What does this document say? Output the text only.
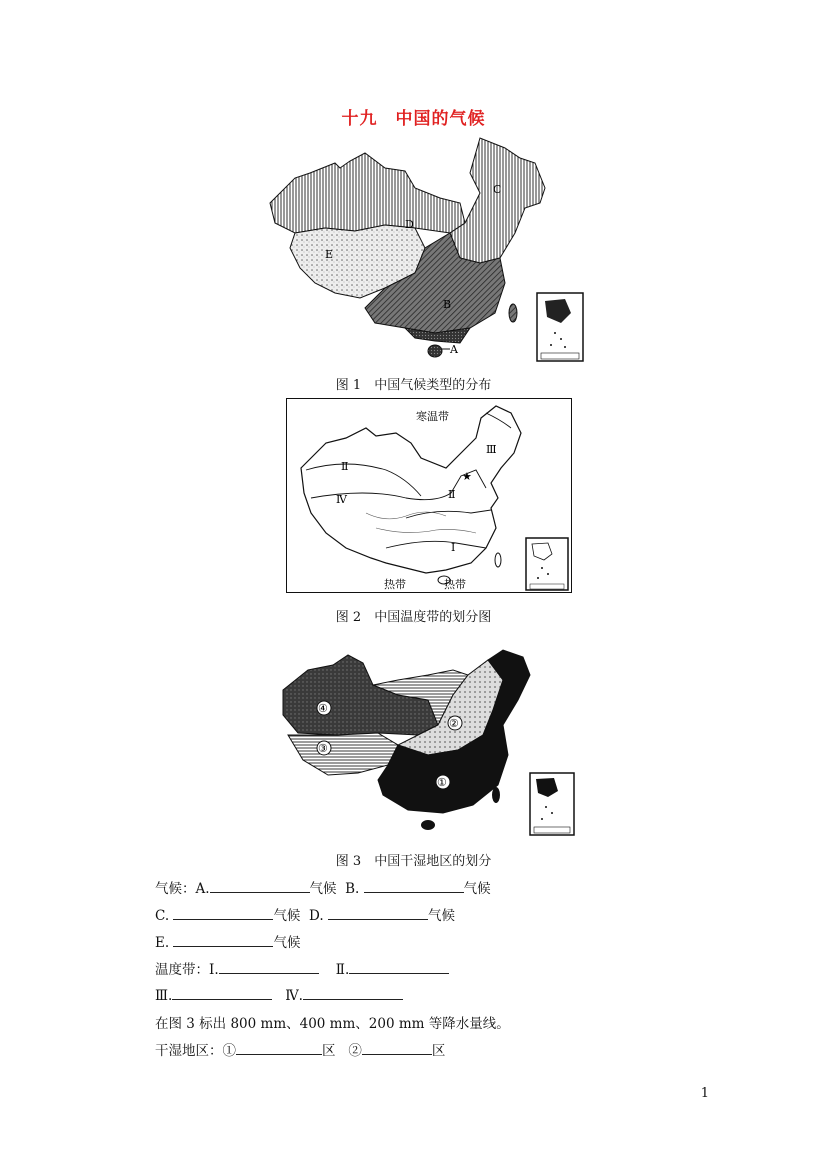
十九　中国的气候
C
D
E
B
A
图 1　中国气候类型的分布
寒温带
Ⅲ
Ⅱ
Ⅳ	Ⅱ
Ⅰ
热带	热带
★
图 2　中国温度带的划分图
④
②
③
①
图 3　中国干湿地区的划分
气候：A.	气候 B.	气候
C.	气候 D.	气候
E.	气候
温度带：Ⅰ.	Ⅱ.
Ⅲ.	Ⅳ.
在图 3 标出 800 mm、400 mm、200 mm 等降水量线。
干湿地区：①	区 ②	区
1
